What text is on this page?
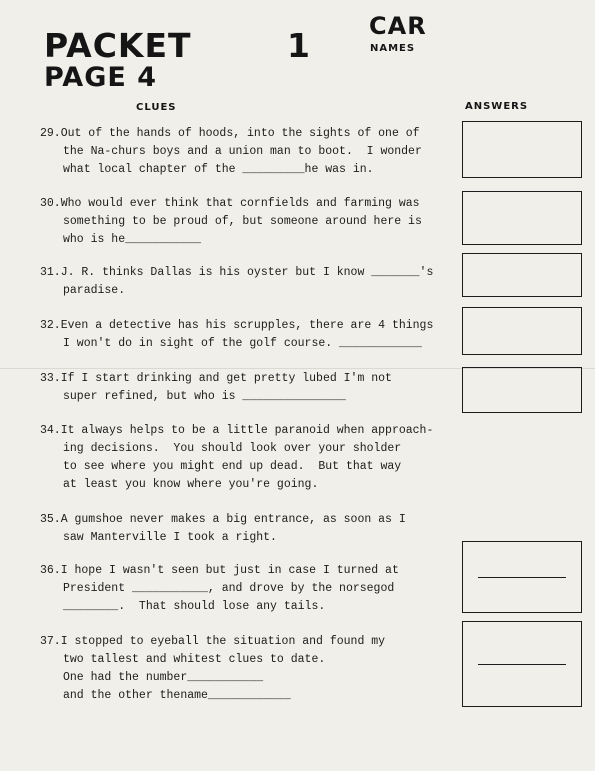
PACKET	1
PAGE 4
CAR
NAMES
CLUES	ANSWERS
29.Out of the hands of hoods, into the sights of one of
the Na-churs boys and a union man to boot.  I wonder
what local chapter of the _________he was in.
30.Who would ever think that cornfields and farming was
something to be proud of, but someone around here is
who is he___________
31.J. R. thinks Dallas is his oyster but I know _______'s
paradise.
32.Even a detective has his scrupples, there are 4 things
I won't do in sight of the golf course. ____________
33.If I start drinking and get pretty lubed I'm not
super refined, but who is _______________
34.It always helps to be a little paranoid when approach-
ing decisions.  You should look over your sholder
to see where you might end up dead.  But that way
at least you know where you're going.
35.A gumshoe never makes a big entrance, as soon as I
saw Manterville I took a right.
36.I hope I wasn't seen but just in case I turned at
President ___________, and drove by the norsegod
________.  That should lose any tails.
37.I stopped to eyeball the situation and found my
two tallest and whitest clues to date.
One had the number___________
and the other thename____________
